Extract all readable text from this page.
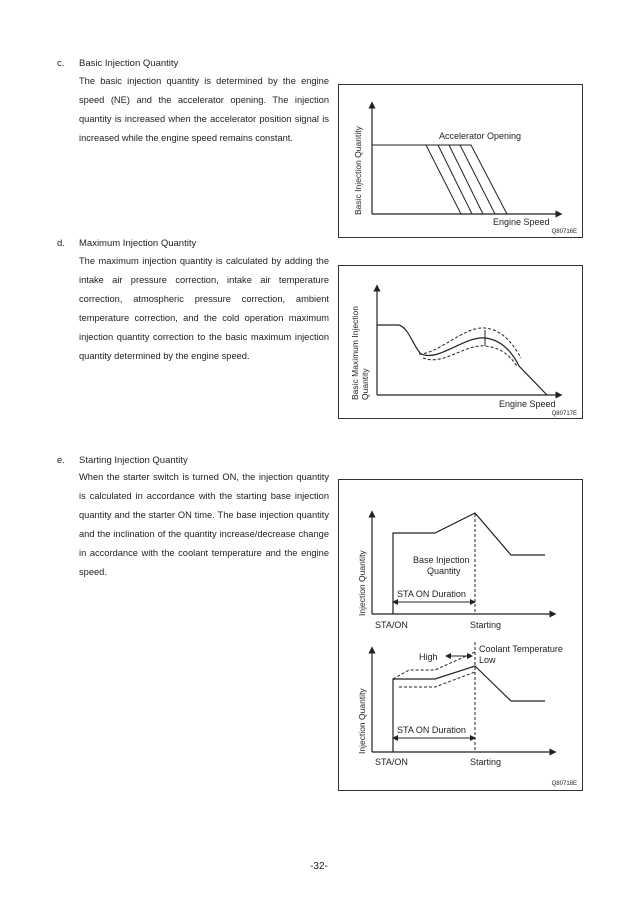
c. Basic Injection Quantity
The basic injection quantity is determined by the engine speed (NE) and the accelerator opening. The injection quantity is increased when the accelerator position signal is increased while the engine speed remains constant.	Accelerator Opening
Engine Speed
Basic Injection Quantity
Q80716E
d. Maximum Injection Quantity
The maximum injection quantity is calculated by adding the intake air pressure correction, intake air temperature correction, atmospheric pressure correction, ambient temperature correction, and the cold operation maximum injection quantity correction to the basic maximum injection quantity determined by the engine speed.
Engine Speed
Basic Maximum Injection Quantity
Q80717E
e. Starting Injection Quantity
When the starter switch is turned ON, the injection quantity is calculated in accordance with the starting base injection quantity and the starter ON time. The base injection quantity and the inclination of the quantity increase/decrease change in accordance with the coolant temperature and the engine speed.
Base Injection
Quantity
STA ON Duration
STA/ON	Starting
Injection Quantity
High
Coolant Temperature
Low
STA ON Duration
STA/ON	Starting
Injection Quantity
Q80718E
-32-
